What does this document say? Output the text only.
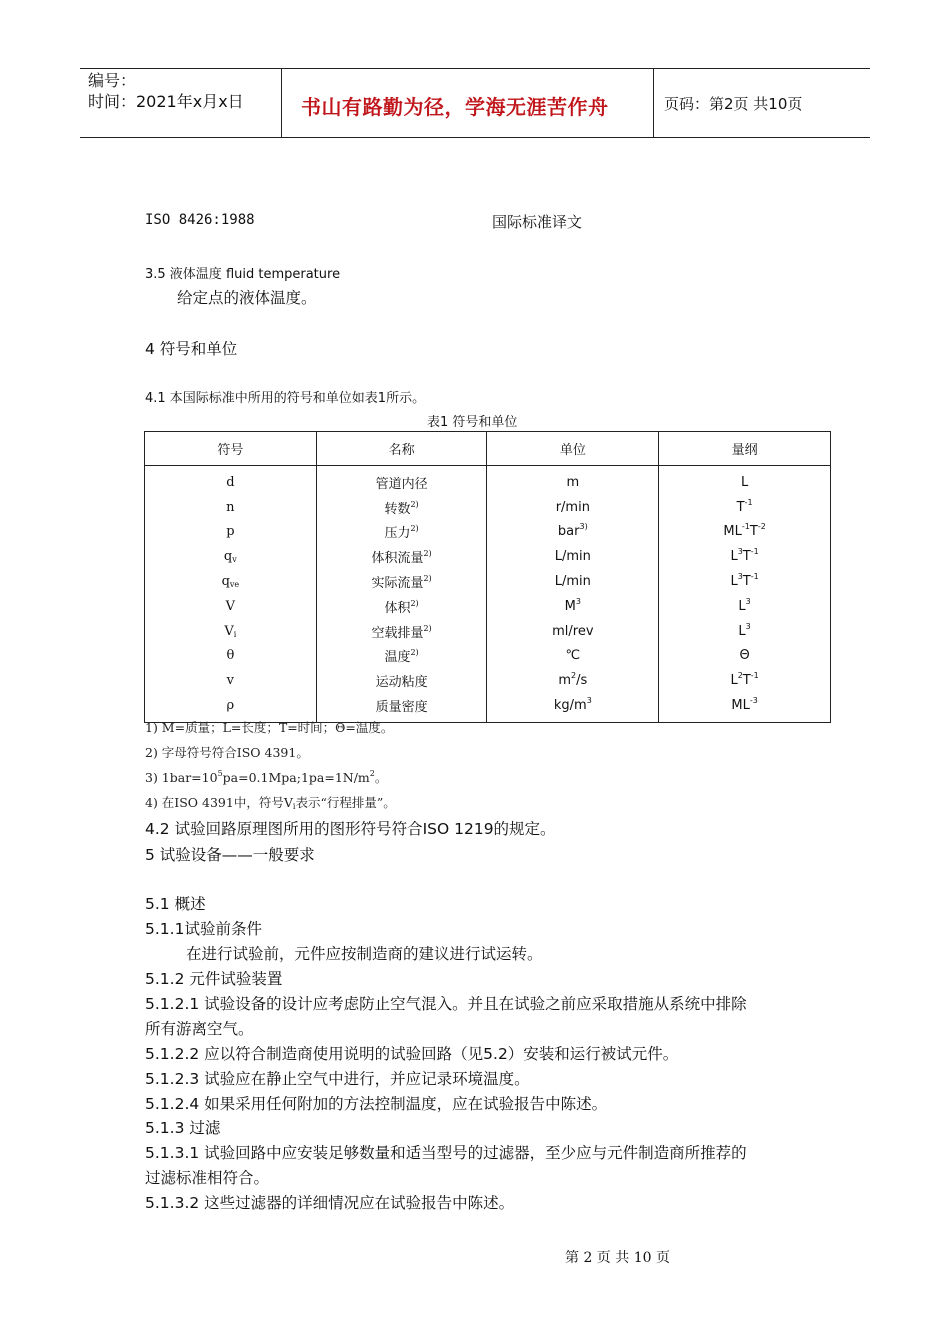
编号：
时间：2021年x月x日	书山有路勤为径，学海无涯苦作舟	页码：第2页 共10页
ISO 8426:1988	国际标准译文
3.5 液体温度 fluid temperature
给定点的液体温度。
4 符号和单位
4.1 本国际标准中所用的符号和单位如表1所示。
表1 符号和单位
符号	名称	单位	量纲
d	管道内径	m	L
n	转数$^{2)}$	r/min	$T^{-1}$
p	压力$^{2)}$	bar$^{3)}$	$ML^{-1}T^{-2}$
$q_v$	体积流量$^{2)}$	L/min	$L^3T^{-1}$
$q_{ve}$	实际流量$^{2)}$	L/min	$L^3T^{-1}$
V	体积$^{2)}$	$M^3$	$L^3$
$V_i$	空载排量$^{2)}$	ml/rev	$L^3$
θ	温度$^{2)}$	℃	Θ
v	运动粘度	$m^2/s$	$L^2T^{-1}$
ρ	质量密度	$kg/m^3$	$ML^{-3}$
1) M=质量；L=长度；T=时间；Θ=温度。
2) 字母符号符合ISO 4391。
3) $1bar=10^5pa=0.1Mpa;1pa=1N/m^2$。
4) 在ISO 4391中，符号$V_i$表示“行程排量”。
4.2 试验回路原理图所用的图形符号符合ISO 1219的规定。
5 试验设备——一般要求
5.1 概述
5.1.1试验前条件
在进行试验前，元件应按制造商的建议进行试运转。
5.1.2 元件试验装置
5.1.2.1 试验设备的设计应考虑防止空气混入。并且在试验之前应采取措施从系统中排除
所有游离空气。
5.1.2.2 应以符合制造商使用说明的试验回路（见5.2）安装和运行被试元件。
5.1.2.3 试验应在静止空气中进行，并应记录环境温度。
5.1.2.4 如果采用任何附加的方法控制温度，应在试验报告中陈述。
5.1.3 过滤
5.1.3.1 试验回路中应安装足够数量和适当型号的过滤器，至少应与元件制造商所推荐的
过滤标准相符合。
5.1.3.2 这些过滤器的详细情况应在试验报告中陈述。
第 2 页 共 10 页
